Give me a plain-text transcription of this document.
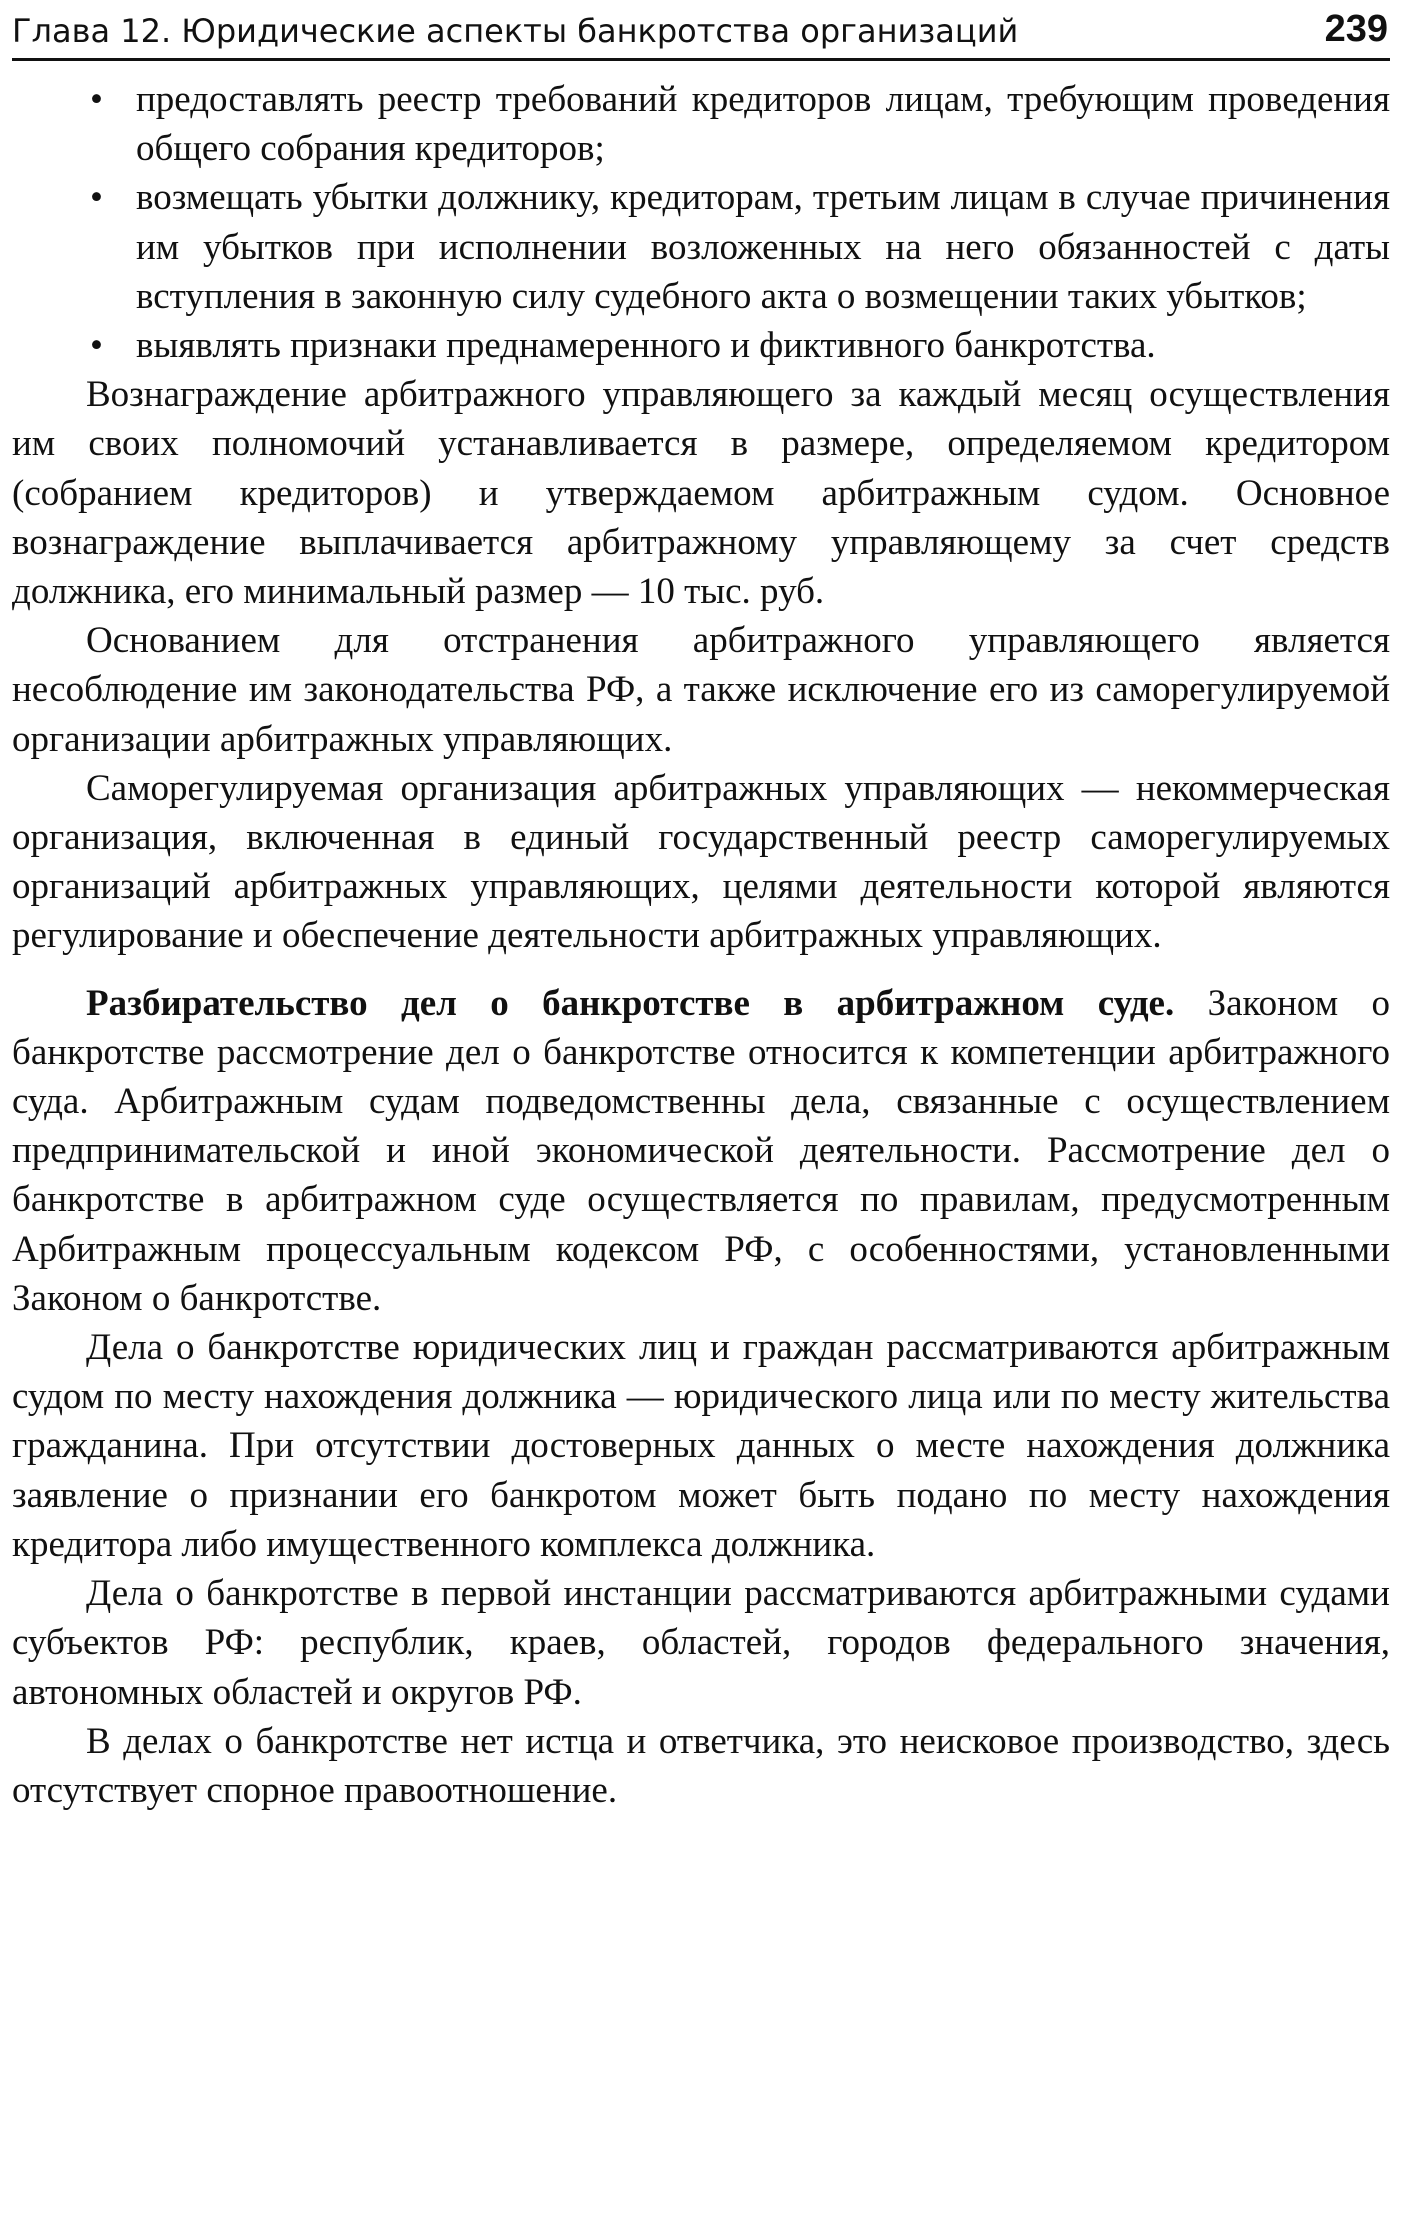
Глава 12. Юридические аспекты банкротства организаций	239
• предоставлять реестр требований кредиторов лицам, требующим проведения общего собрания кредиторов;
• возмещать убытки должнику, кредиторам, третьим лицам в случае причинения им убытков при исполнении возложенных на него обязанностей с даты вступления в законную силу судебного акта о возмещении таких убытков;
• выявлять признаки преднамеренного и фиктивного банкротства.

Вознаграждение арбитражного управляющего за каждый месяц осуществления им своих полномочий устанавливается в размере, определяемом кредитором (собранием кредиторов) и утверждаемом арбитражным судом. Основное вознаграждение выплачивается арбитражному управляющему за счет средств должника, его минимальный размер — 10 тыс. руб.

Основанием для отстранения арбитражного управляющего является несоблюдение им законодательства РФ, а также исключение его из саморегулируемой организации арбитражных управляющих.

Саморегулируемая организация арбитражных управляющих — некоммерческая организация, включенная в единый государственный реестр саморегулируемых организаций арбитражных управляющих, целями деятельности которой являются регулирование и обеспечение деятельности арбитражных управляющих.

Разбирательство дел о банкротстве в арбитражном суде. Законом о банкротстве рассмотрение дел о банкротстве относится к компетенции арбитражного суда. Арбитражным судам подведомственны дела, связанные с осуществлением предпринимательской и иной экономической деятельности. Рассмотрение дел о банкротстве в арбитражном суде осуществляется по правилам, предусмотренным Арбитражным процессуальным кодексом РФ, с особенностями, установленными Законом о банкротстве.

Дела о банкротстве юридических лиц и граждан рассматриваются арбитражным судом по месту нахождения должника — юридического лица или по месту жительства гражданина. При отсутствии достоверных данных о месте нахождения должника заявление о признании его банкротом может быть подано по месту нахождения кредитора либо имущественного комплекса должника.

Дела о банкротстве в первой инстанции рассматриваются арбитражными судами субъектов РФ: республик, краев, областей, городов федерального значения, автономных областей и округов РФ.

В делах о банкротстве нет истца и ответчика, это неисковое производство, здесь отсутствует спорное правоотношение.
